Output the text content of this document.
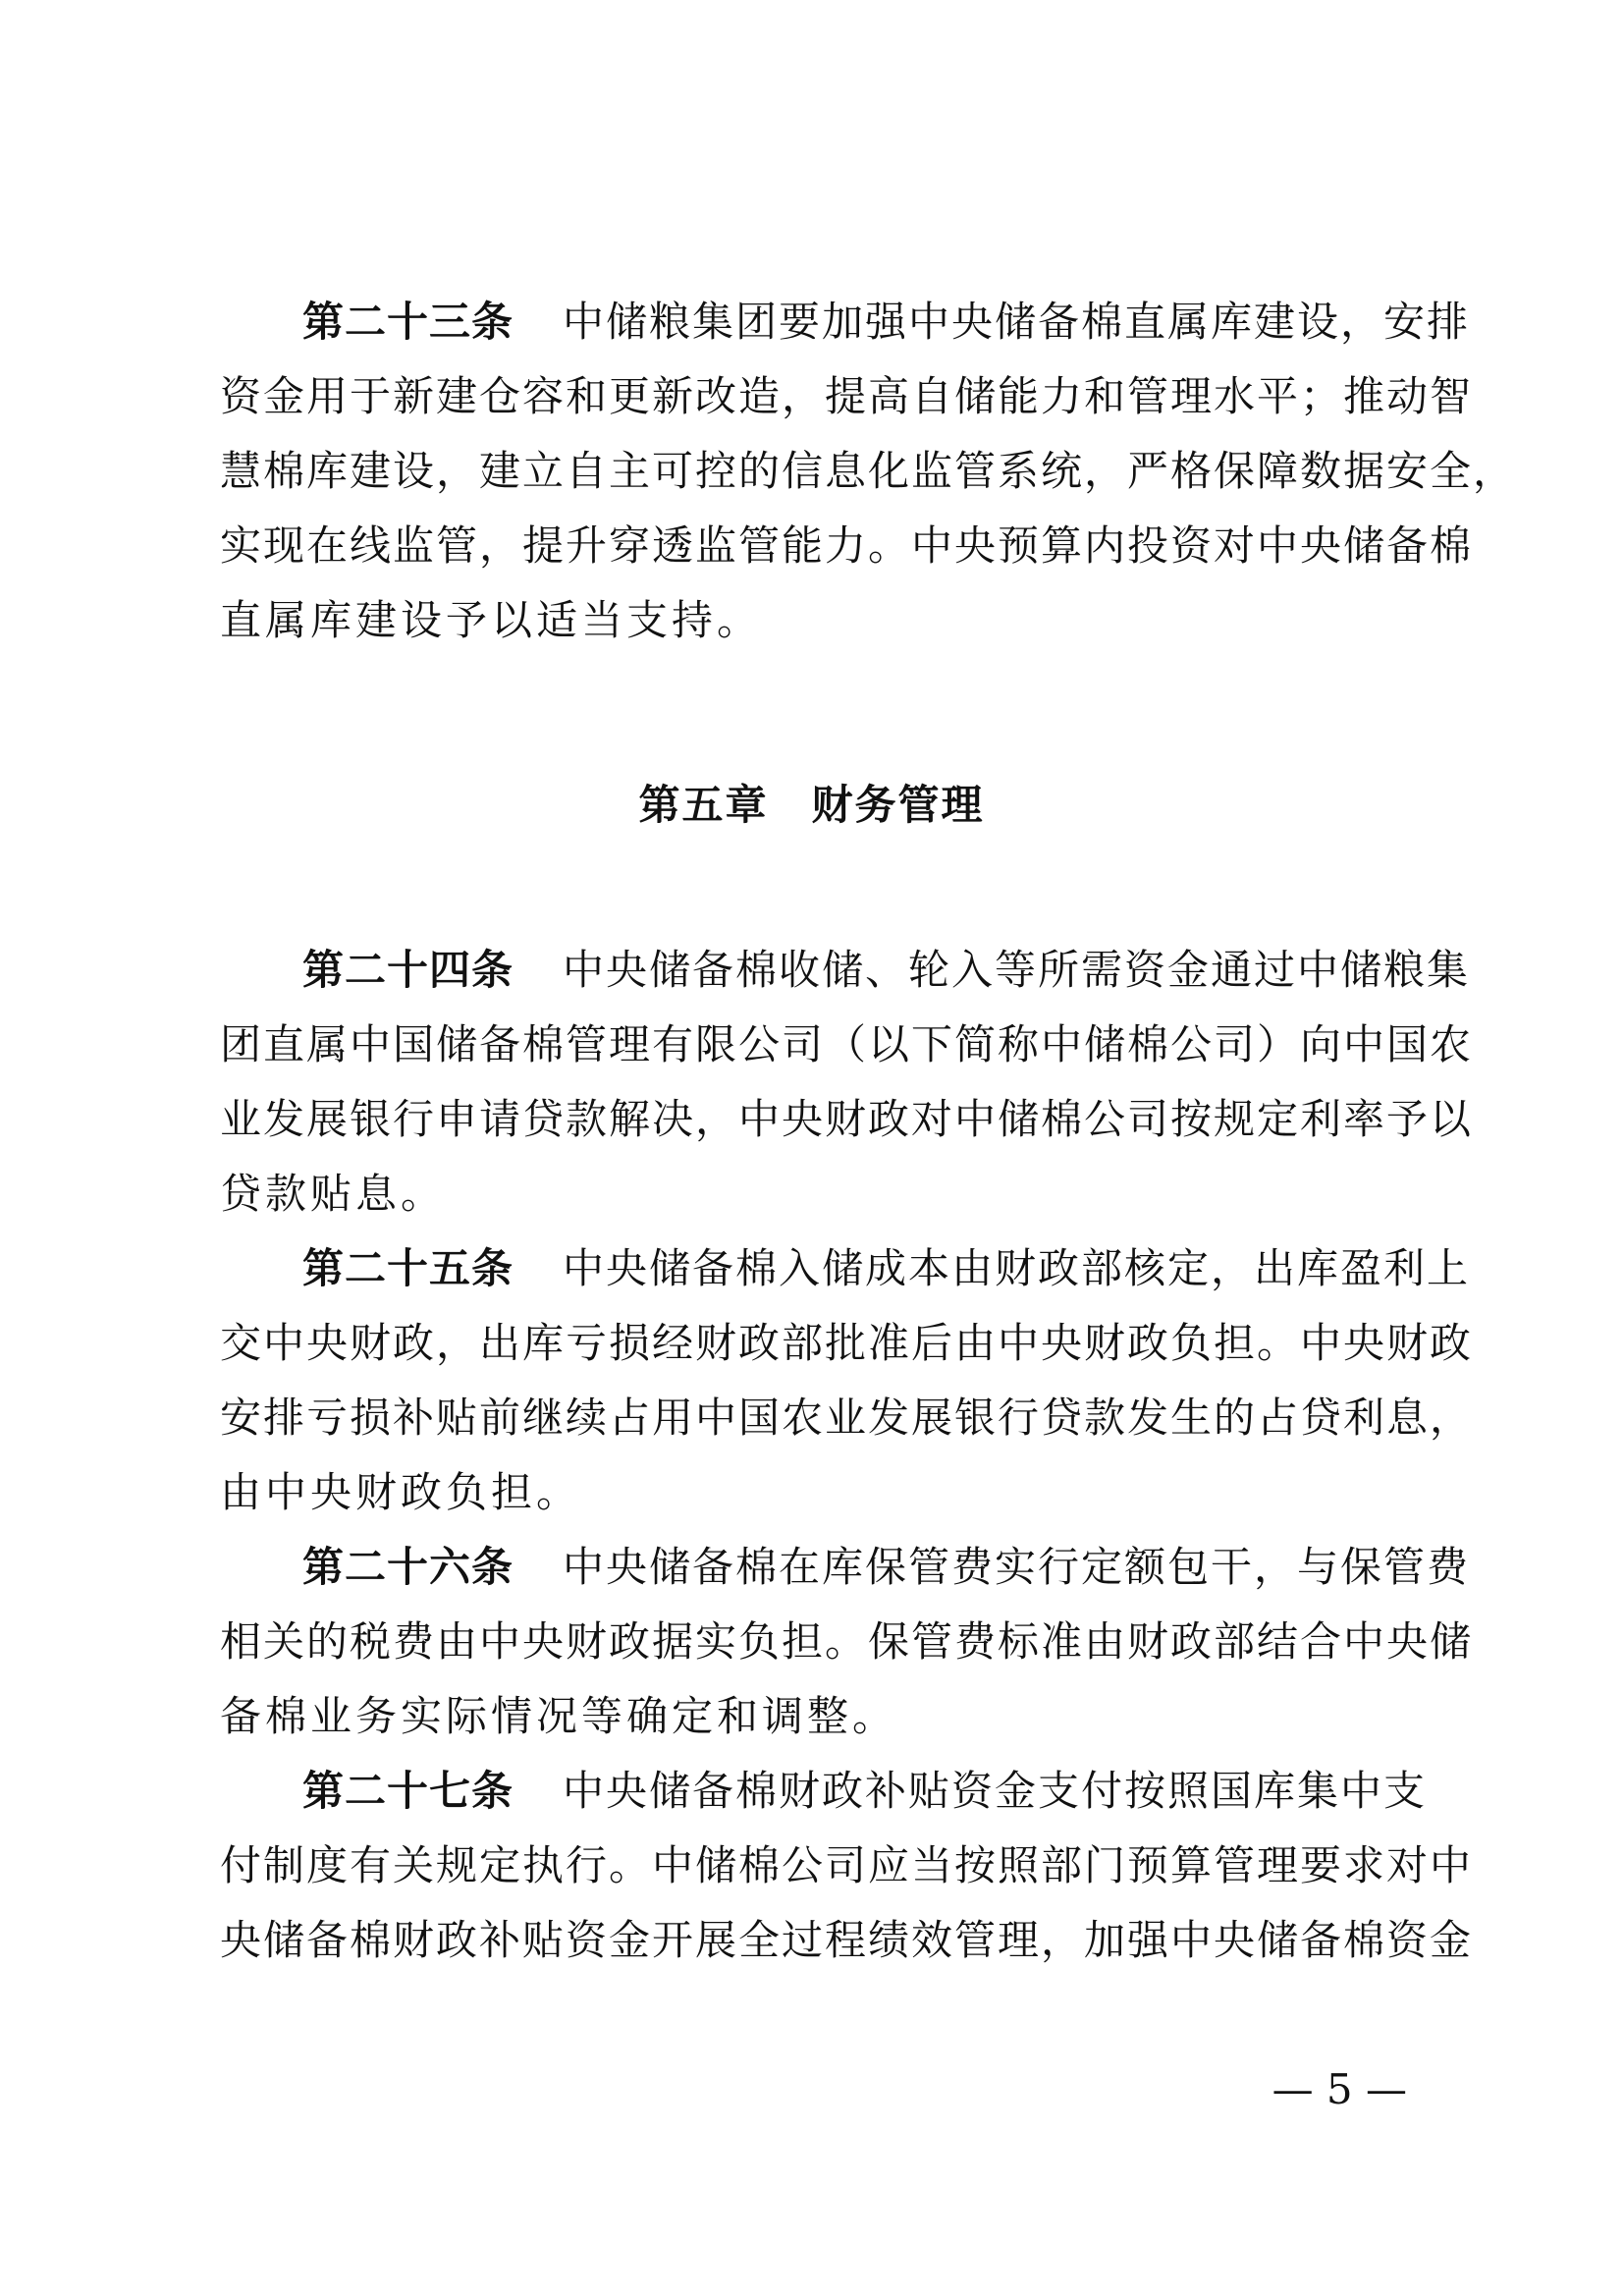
第二十三条 中储粮集团要加强中央储备棉直属库建设，安排
资金用于新建仓容和更新改造，提高自储能力和管理水平；推动智
慧棉库建设，建立自主可控的信息化监管系统，严格保障数据安全，
实现在线监管，提升穿透监管能力。中央预算内投资对中央储备棉
直属库建设予以适当支持。
第五章 财务管理
第二十四条 中央储备棉收储、轮入等所需资金通过中储粮集
团直属中国储备棉管理有限公司（以下简称中储棉公司）向中国农
业发展银行申请贷款解决，中央财政对中储棉公司按规定利率予以
贷款贴息。
第二十五条 中央储备棉入储成本由财政部核定，出库盈利上
交中央财政，出库亏损经财政部批准后由中央财政负担。中央财政
安排亏损补贴前继续占用中国农业发展银行贷款发生的占贷利息，
由中央财政负担。
第二十六条 中央储备棉在库保管费实行定额包干，与保管费
相关的税费由中央财政据实负担。保管费标准由财政部结合中央储
备棉业务实际情况等确定和调整。
第二十七条 中央储备棉财政补贴资金支付按照国库集中支
付制度有关规定执行。中储棉公司应当按照部门预算管理要求对中
央储备棉财政补贴资金开展全过程绩效管理，加强中央储备棉资金
— 5 —
